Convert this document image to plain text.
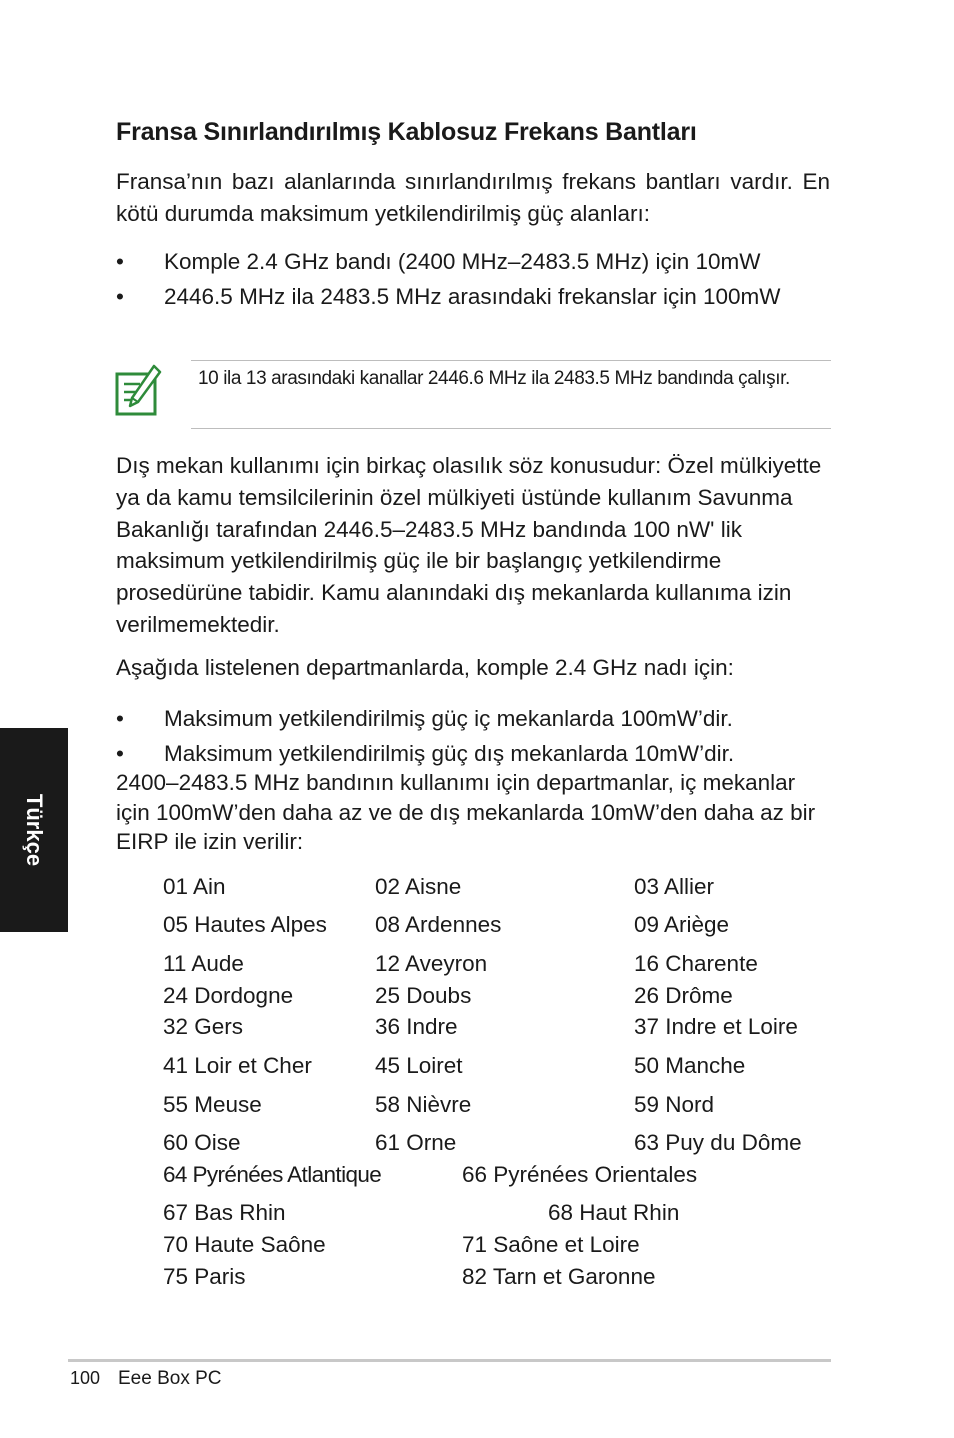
Fransa Sınırlandırılmış Kablosuz Frekans Bantları
Fransa’nın bazı alanlarında sınırlandırılmış frekans bantları vardır. En kötü durumda maksimum yetkilendirilmiş güç alanları:
• Komple 2.4 GHz bandı (2400 MHz–2483.5 MHz) için 10mW
• 2446.5 MHz ila 2483.5 MHz arasındaki frekanslar için 100mW
10 ila 13 arasındaki kanallar 2446.6 MHz ila 2483.5 MHz bandında çalışır.
Dış mekan kullanımı için birkaç olasılık söz konusudur: Özel mülkiyette ya da kamu temsilcilerinin özel mülkiyeti üstünde kullanım Savunma Bakanlığı tarafından 2446.5–2483.5 MHz bandında 100 nW' lik maksimum yetkilendirilmiş güç ile bir başlangıç yetkilendirme prosedürüne tabidir. Kamu alanındaki dış mekanlarda kullanıma izin verilmemektedir.
Aşağıda listelenen departmanlarda, komple 2.4 GHz nadı için:
• Maksimum yetkilendirilmiş güç iç mekanlarda 100mW’dir.
• Maksimum yetkilendirilmiş güç dış mekanlarda 10mW’dir.
2400–2483.5 MHz bandının kullanımı için departmanlar, iç mekanlar için 100mW’den daha az ve de dış mekanlarda 10mW’den daha az bir EIRP ile izin verilir:
01 Ain	02 Aisne	03 Allier
05 Hautes Alpes 08 Ardennes	09 Ariège
11 Aude	12 Aveyron	16 Charente
24 Dordogne	25 Doubs	26 Drôme
32 Gers	36 Indre	37 Indre et Loire
41 Loir et Cher	45 Loiret	50 Manche
55 Meuse	58 Nièvre	59 Nord
60 Oise	61 Orne	63 Puy du Dôme
64 Pyrénées Atlantique	66 Pyrénées Orientales
67 Bas Rhin	68 Haut Rhin
70 Haute Saône	71 Saône et Loire
75 Paris	82 Tarn et Garonne
Türkçe
100 Eee Box PC
